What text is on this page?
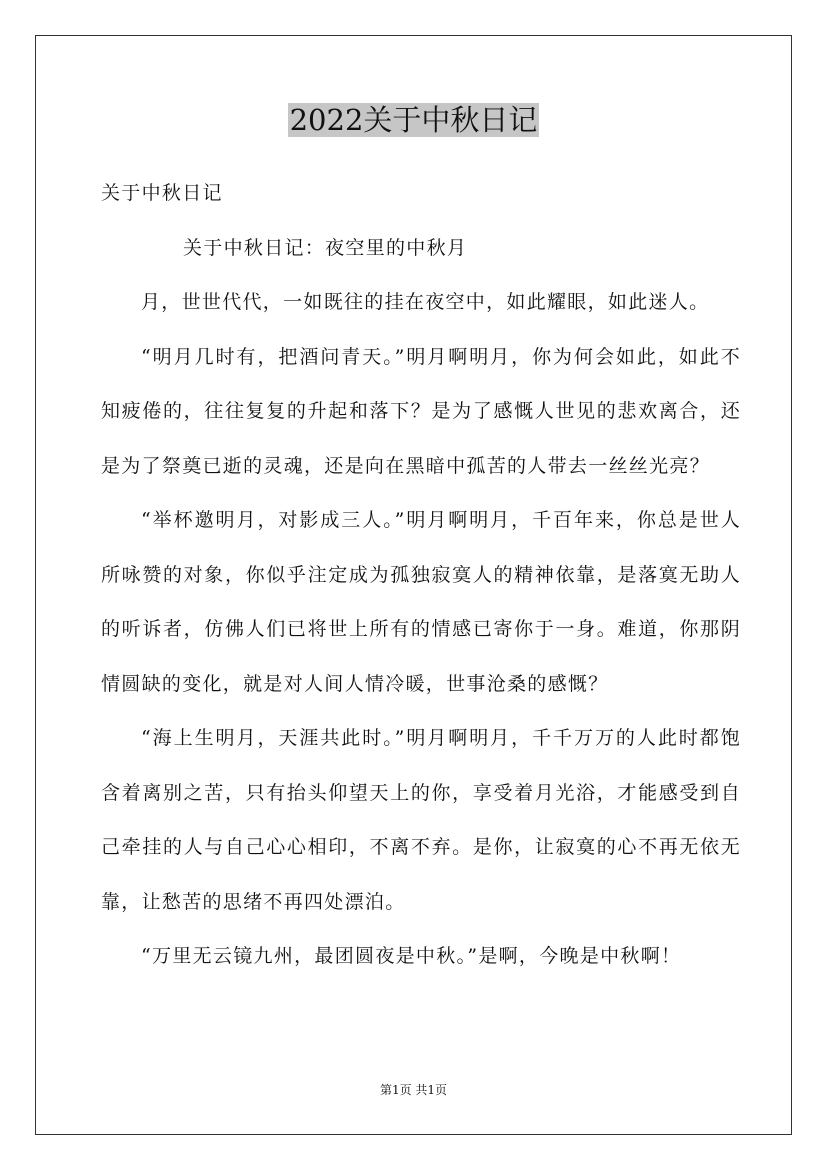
2022关于中秋日记

关于中秋日记

关于中秋日记：夜空里的中秋月

月，世世代代，一如既往的挂在夜空中，如此耀眼，如此迷人。

“明月几时有，把酒问青天。”明月啊明月，你为何会如此，如此不知疲倦的，往往复复的升起和落下？是为了感慨人世见的悲欢离合，还是为了祭奠已逝的灵魂，还是向在黑暗中孤苦的人带去一丝丝光亮？

“举杯邀明月，对影成三人。”明月啊明月，千百年来，你总是世人所咏赞的对象，你似乎注定成为孤独寂寞人的精神依靠，是落寞无助人的听诉者，仿佛人们已将世上所有的情感已寄你于一身。难道，你那阴情圆缺的变化，就是对人间人情冷暖，世事沧桑的感慨？

“海上生明月，天涯共此时。”明月啊明月，千千万万的人此时都饱含着离别之苦，只有抬头仰望天上的你，享受着月光浴，才能感受到自己牵挂的人与自己心心相印，不离不弃。是你，让寂寞的心不再无依无靠，让愁苦的思绪不再四处漂泊。

“万里无云镜九州，最团圆夜是中秋。”是啊，今晚是中秋啊！

第1页 共1页
